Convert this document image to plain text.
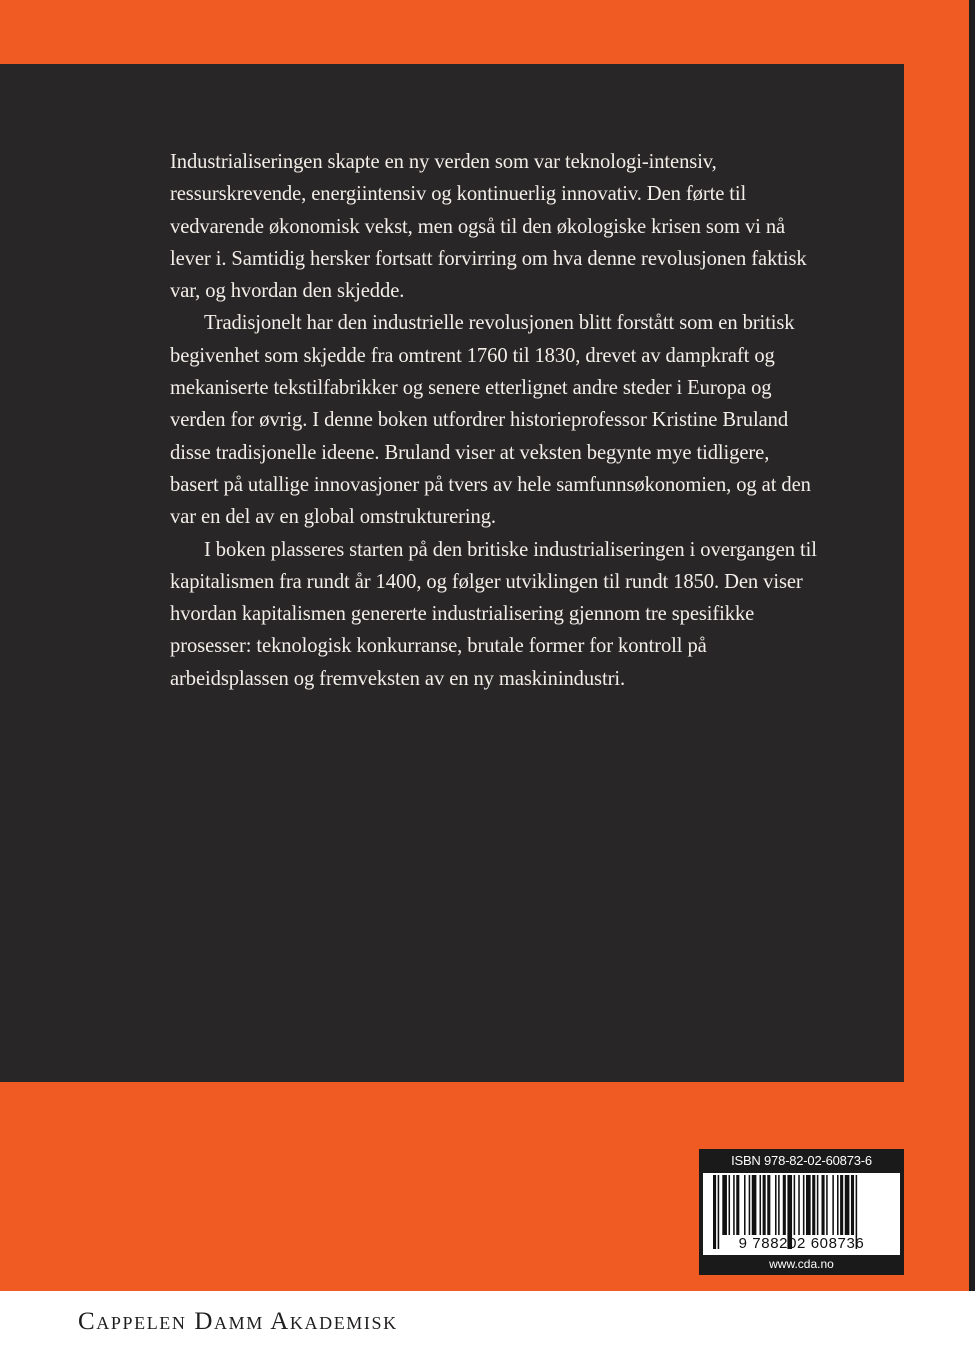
Industrialiseringen skapte en ny verden som var teknologi-intensiv, ressurskrevende, energiintensiv og kontinuerlig innovativ. Den førte til vedvarende økonomisk vekst, men også til den økologiske krisen som vi nå lever i. Samtidig hersker fortsatt forvirring om hva denne revolusjonen faktisk var, og hvordan den skjedde.

Tradisjonelt har den industrielle revolusjonen blitt forstått som en britisk begivenhet som skjedde fra omtrent 1760 til 1830, drevet av dampkraft og mekaniserte tekstilfabrikker og senere etterlignet andre steder i Europa og verden for øvrig. I denne boken utfordrer historieprofessor Kristine Bruland disse tradisjonelle ideene. Bruland viser at veksten begynte mye tidligere, basert på utallige innovasjoner på tvers av hele samfunnsøkonomien, og at den var en del av en global omstrukturering.

I boken plasseres starten på den britiske industrialiseringen i overgangen til kapitalismen fra rundt år 1400, og følger utviklingen til rundt 1850. Den viser hvordan kapitalismen genererte industrialisering gjennom tre spesifikke prosesser: teknologisk konkurranse, brutale former for kontroll på arbeidsplassen og fremveksten av en ny maskinindustri.

ISBN 978-82-02-60873-6
9 788202 608736
www.cda.no
Cappelen Damm Akademisk
